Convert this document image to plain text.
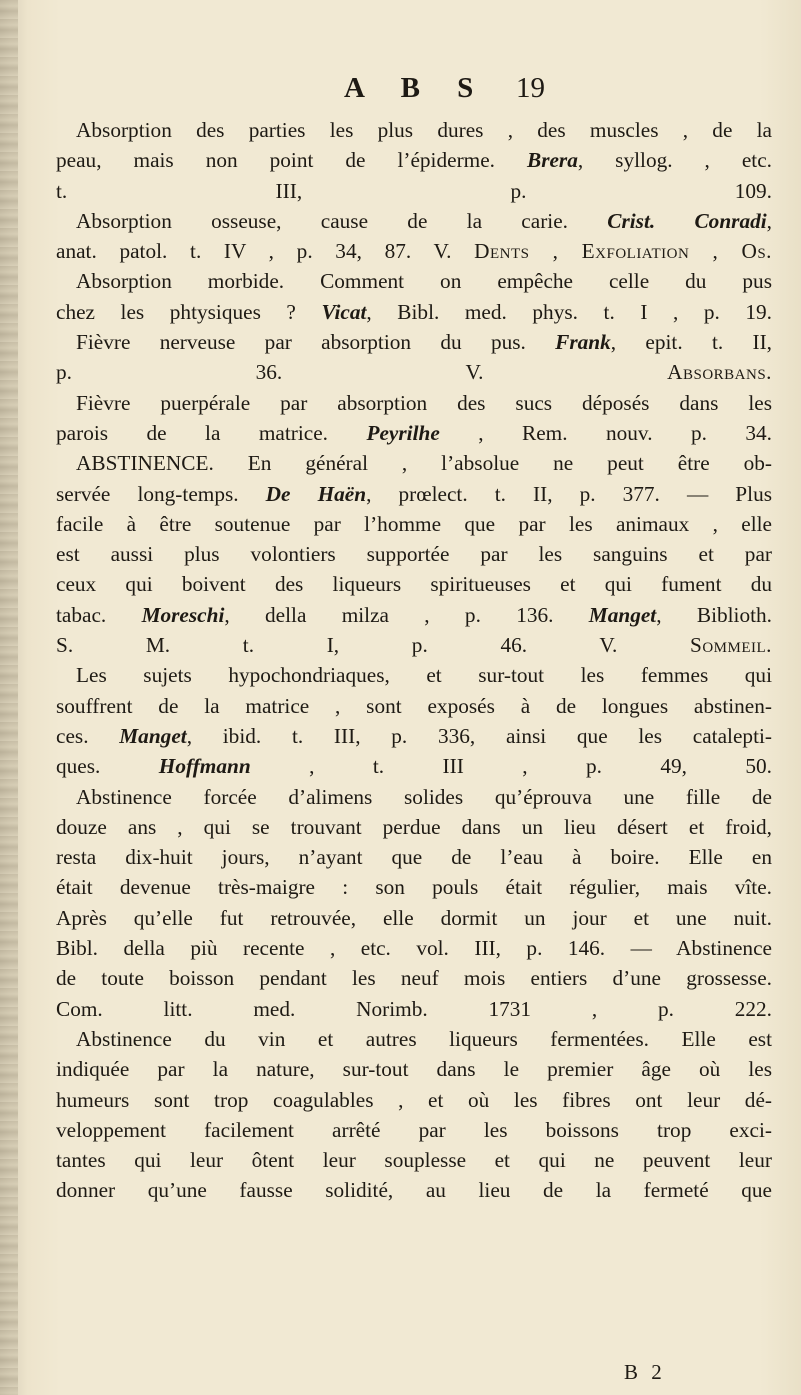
A B S 19
Absorption des parties les plus dures , des muscles , de la
peau, mais non point de l’épiderme. Brera, syllog. , etc.
t. III, p. 109.
Absorption osseuse, cause de la carie. Crist. Conradi,
anat. patol. t. IV , p. 34, 87. V. Dents , Exfoliation , Os.
Absorption morbide. Comment on empêche celle du pus
chez les phtysiques ? Vicat, Bibl. med. phys. t. I , p. 19.
Fièvre nerveuse par absorption du pus. Frank, epit. t. II,
p. 36. V. Absorbans.
Fièvre puerpérale par absorption des sucs déposés dans les
parois de la matrice. Peyrilhe , Rem. nouv. p. 34.
ABSTINENCE. En général , l’absolue ne peut être ob-
servée long-temps. De Haën, prœlect. t. II, p. 377. — Plus
facile à être soutenue par l’homme que par les animaux , elle
est aussi plus volontiers supportée par les sanguins et par
ceux qui boivent des liqueurs spiritueuses et qui fument du
tabac. Moreschi, della milza , p. 136. Manget, Biblioth.
S. M. t. I, p. 46. V. Sommeil.
Les sujets hypochondriaques, et sur-tout les femmes qui
souffrent de la matrice , sont exposés à de longues abstinen-
ces. Manget, ibid. t. III, p. 336, ainsi que les catalepti-
ques. Hoffmann , t. III , p. 49, 50.
Abstinence forcée d’alimens solides qu’éprouva une fille de
douze ans , qui se trouvant perdue dans un lieu désert et froid,
resta dix-huit jours, n’ayant que de l’eau à boire. Elle en
était devenue très-maigre : son pouls était régulier, mais vîte.
Après qu’elle fut retrouvée, elle dormit un jour et une nuit.
Bibl. della più recente , etc. vol. III, p. 146. — Abstinence
de toute boisson pendant les neuf mois entiers d’une grossesse.
Com. litt. med. Norimb. 1731 , p. 222.
Abstinence du vin et autres liqueurs fermentées. Elle est
indiquée par la nature, sur-tout dans le premier âge où les
humeurs sont trop coagulables , et où les fibres ont leur dé-
veloppement facilement arrêté par les boissons trop exci-
tantes qui leur ôtent leur souplesse et qui ne peuvent leur
donner qu’une fausse solidité, au lieu de la fermeté que
B 2
